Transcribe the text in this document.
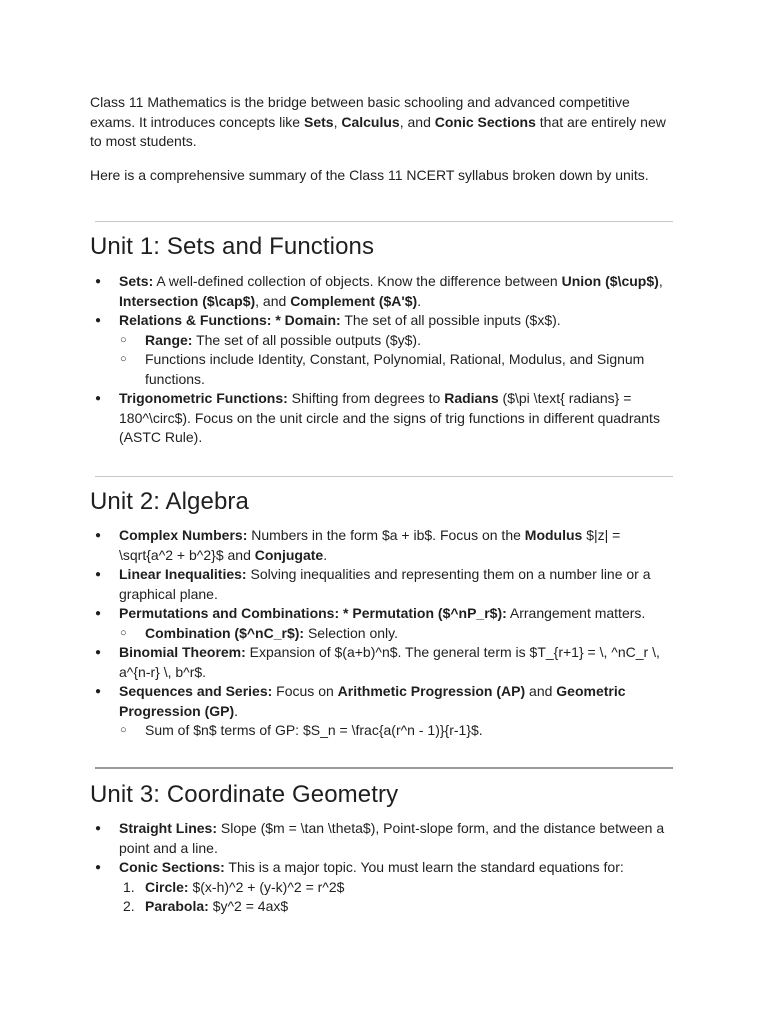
Class 11 Mathematics is the bridge between basic schooling and advanced competitive exams. It introduces concepts like Sets, Calculus, and Conic Sections that are entirely new to most students.

Here is a comprehensive summary of the Class 11 NCERT syllabus broken down by units.

Unit 1: Sets and Functions
● Sets: A well-defined collection of objects. Know the difference between Union ($\cup$), Intersection ($\cap$), and Complement ($A'$).
● Relations & Functions: * Domain: The set of all possible inputs ($x$).
○ Range: The set of all possible outputs ($y$).
○ Functions include Identity, Constant, Polynomial, Rational, Modulus, and Signum functions.
● Trigonometric Functions: Shifting from degrees to Radians ($\pi \text{ radians} = 180^\circ$). Focus on the unit circle and the signs of trig functions in different quadrants (ASTC Rule).
Unit 2: Algebra
● Complex Numbers: Numbers in the form $a + ib$. Focus on the Modulus $|z| = \sqrt{a^2 + b^2}$ and Conjugate.
● Linear Inequalities: Solving inequalities and representing them on a number line or a graphical plane.
● Permutations and Combinations: * Permutation ($^nP_r$): Arrangement matters.
○ Combination ($^nC_r$): Selection only.
● Binomial Theorem: Expansion of $(a+b)^n$. The general term is $T_{r+1} = \, ^nC_r \, a^{n-r} \, b^r$.
● Sequences and Series: Focus on Arithmetic Progression (AP) and Geometric Progression (GP).
○ Sum of $n$ terms of GP: $S_n = \frac{a(r^n - 1)}{r-1}$.
Unit 3: Coordinate Geometry
● Straight Lines: Slope ($m = \tan \theta$), Point-slope form, and the distance between a point and a line.
● Conic Sections: This is a major topic. You must learn the standard equations for:
1. Circle: $(x-h)^2 + (y-k)^2 = r^2$
2. Parabola: $y^2 = 4ax$
